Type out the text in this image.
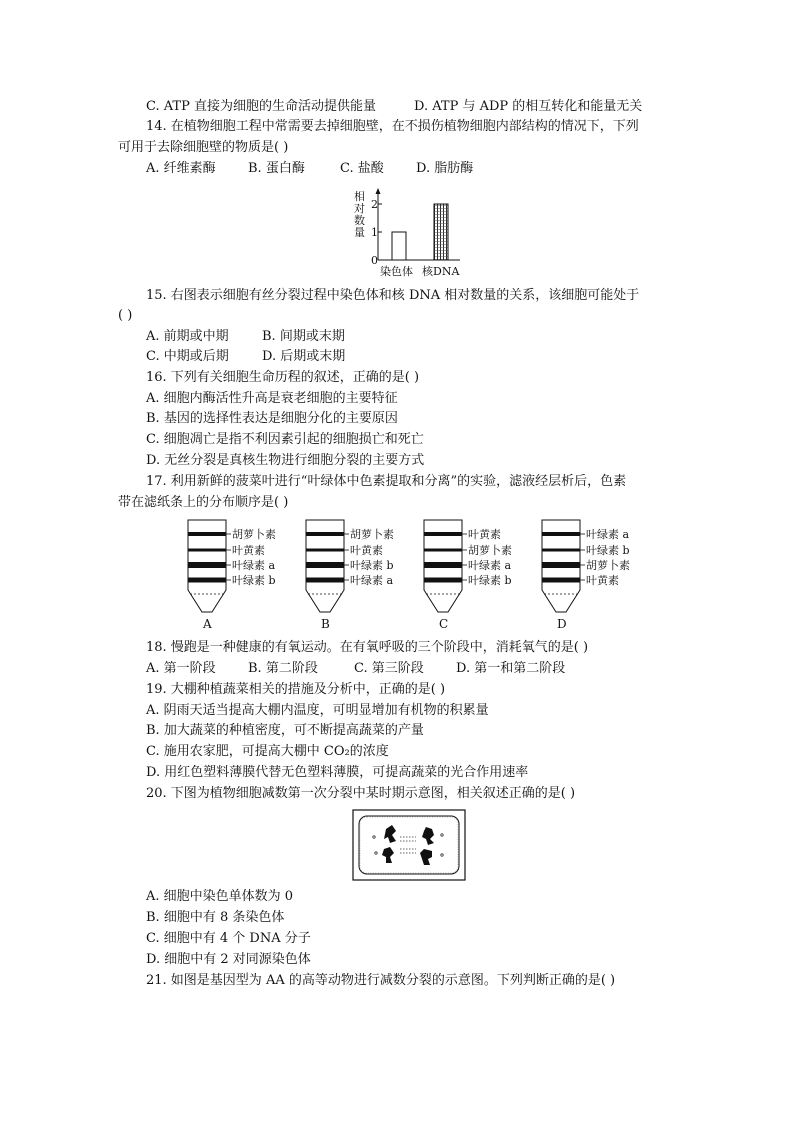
C. ATP 直接为细胞的生命活动提供能量	D. ATP 与 ADP 的相互转化和能量无关
14. 在植物细胞工程中常需要去掉细胞壁，在不损伤植物细胞内部结构的情况下，下列
可用于去除细胞壁的物质是( )
A. 纤维素酶 B. 蛋白酶	C. 盐酸 D. 脂肪酶
相
对
数
量
0
1
2
染色体 核DNA
15. 右图表示细胞有丝分裂过程中染色体和核 DNA 相对数量的关系，该细胞可能处于
( )
A. 前期或中期	B. 间期或末期
C. 中期或后期	D. 后期或末期
16. 下列有关细胞生命历程的叙述，正确的是( )
A. 细胞内酶活性升高是衰老细胞的主要特征
B. 基因的选择性表达是细胞分化的主要原因
C. 细胞凋亡是指不利因素引起的细胞损亡和死亡
D. 无丝分裂是真核生物进行细胞分裂的主要方式
17. 利用新鲜的菠菜叶进行“叶绿体中色素提取和分离”的实验，滤液经层析后，色素
带在滤纸条上的分布顺序是( )
胡萝卜素
叶黄素
叶绿素 a
叶绿素 b
A
胡萝卜素
叶黄素
叶绿素 b
叶绿素 a
B
叶黄素
胡萝卜素
叶绿素 a
叶绿素 b
C
叶绿素 a
叶绿素 b
胡萝卜素
叶黄素
D
18. 慢跑是一种健康的有氧运动。在有氧呼吸的三个阶段中，消耗氧气的是( )
A. 第一阶段 B. 第二阶段	C. 第三阶段 D. 第一和第二阶段
19. 大棚种植蔬菜相关的措施及分析中，正确的是( )
A. 阴雨天适当提高大棚内温度，可明显增加有机物的积累量
B. 加大蔬菜的种植密度，可不断提高蔬菜的产量
C. 施用农家肥，可提高大棚中 CO₂的浓度
D. 用红色塑料薄膜代替无色塑料薄膜，可提高蔬菜的光合作用速率
20. 下图为植物细胞减数第一次分裂中某时期示意图，相关叙述正确的是( )
A. 细胞中染色单体数为 0
B. 细胞中有 8 条染色体
C. 细胞中有 4 个 DNA 分子
D. 细胞中有 2 对同源染色体
21. 如图是基因型为 AA 的高等动物进行减数分裂的示意图。下列判断正确的是( )
